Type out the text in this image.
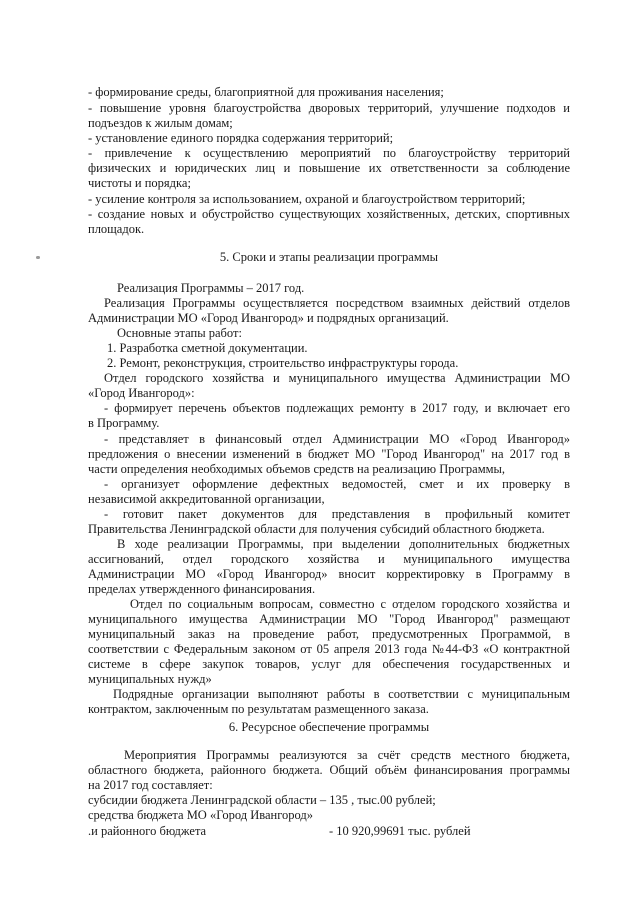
- формирование среды, благоприятной для проживания населения;
- повышение уровня благоустройства дворовых территорий, улучшение подходов и
подъездов к жилым домам;
- установление единого порядка содержания территорий;
- привлечение к осуществлению мероприятий по благоустройству территорий
физических и юридических лиц и повышение их ответственности за соблюдение
чистоты и порядка;
- усиление контроля за использованием, охраной и благоустройством территорий;
- создание новых и обустройство существующих хозяйственных, детских, спортивных
площадок.
5. Сроки и этапы реализации программы
Реализация Программы – 2017 год.
Реализация Программы осуществляется посредством взаимных действий отделов
Администрации МО «Город Ивангород» и подрядных организаций.
Основные этапы работ:
1. Разработка сметной документации.
2. Ремонт, реконструкция, строительство инфраструктуры города.
Отдел городского хозяйства и муниципального имущества Администрации МО
«Город Ивангород»:
- формирует перечень объектов подлежащих ремонту в 2017 году, и включает его
в Программу.
- представляет в финансовый отдел Администрации МО «Город Ивангород»
предложения о внесении изменений в бюджет МО "Город Ивангород" на 2017 год в
части определения необходимых объемов средств на реализацию Программы,
- организует оформление дефектных ведомостей, смет и их проверку в
независимой аккредитованной организации,
- готовит пакет документов для представления в профильный комитет
Правительства Ленинградской области для получения субсидий областного бюджета.
В ходе реализации Программы, при выделении дополнительных бюджетных
ассигнований, отдел городского хозяйства и муниципального имущества
Администрации МО «Город Ивангород» вносит корректировку в Программу в
пределах утвержденного финансирования.
Отдел по социальным вопросам, совместно с отделом городского хозяйства и
муниципального имущества Администрации МО "Город Ивангород" размещают
муниципальный заказ на проведение работ, предусмотренных Программой, в
соответствии с Федеральным законом от 05 апреля 2013 года №44-ФЗ «О контрактной
системе в сфере закупок товаров, услуг для обеспечения государственных и
муниципальных нужд»
Подрядные организации выполняют работы в соответствии с муниципальным
контрактом, заключенным по результатам размещенного заказа.
6. Ресурсное обеспечение программы
Мероприятия Программы реализуются за счёт средств местного бюджета,
областного бюджета, районного бюджета. Общий объём финансирования программы
на 2017 год составляет:
субсидии бюджета Ленинградской области – 135 , тыс.00 рублей;
средства бюджета МО «Город Ивангород»
.и районного бюджета	- 10 920,99691 тыс. рублей
